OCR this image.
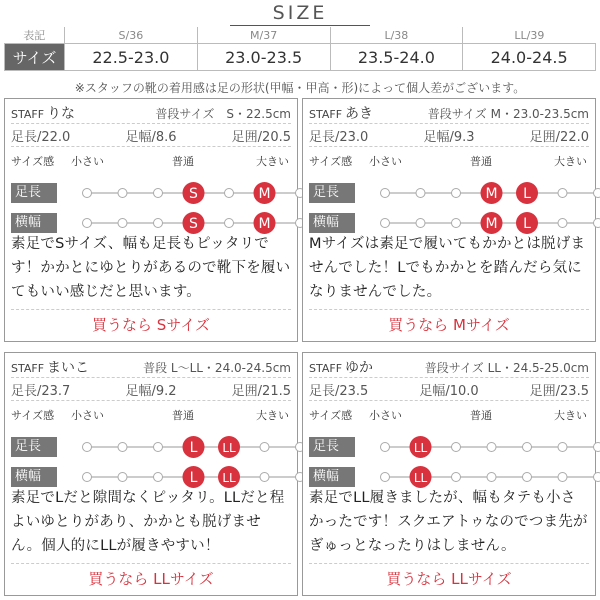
SIZE
表記	S/36	M/37	L/38	LL/39
サイズ	22.5-23.0	23.0-23.5	23.5-24.0	24.0-24.5
※スタッフの靴の着用感は足の形状(甲幅・甲高・形)によって個人差がございます。
STAFF りな	普段サイズ　S・22.5cm
足長/22.0	足幅/8.6	足囲/20.5
サイズ感 小さい	普通	大きい
足長	S	M
横幅	S	M
素足でSサイズ、幅も足長もピッタリです！かかとにゆとりがあるので靴下を履いてもいい感じだと思います。
買うなら Sサイズ
STAFF あき	普段サイズ M・23.0-23.5cm
足長/23.0	足幅/9.3	足囲/22.0
サイズ感 小さい	普通	大きい
足長	M L
横幅	M L
Mサイズは素足で履いてもかかとは脱げませんでした！Lでもかかとを踏んだら気になりませんでした。
買うなら Mサイズ
STAFF まいこ	普段 L〜LL・24.0-24.5cm
足長/23.7	足幅/9.2	足囲/21.5
サイズ感 小さい	普通	大きい
足長	L LL
横幅	L LL
素足でLだと隙間なくピッタリ。LLだと程よいゆとりがあり、かかとも脱げません。個人的にLLが履きやすい！
買うなら LLサイズ
STAFF ゆか	普段サイズ LL・24.5-25.0cm
足長/23.5	足幅/10.0	足囲/23.5
サイズ感 小さい	普通	大きい
足長	LL
横幅	LL
素足でLL履きましたが、幅もタテも小さかったです！スクエアトゥなのでつま先がぎゅっとなったりはしません。
買うなら LLサイズ
